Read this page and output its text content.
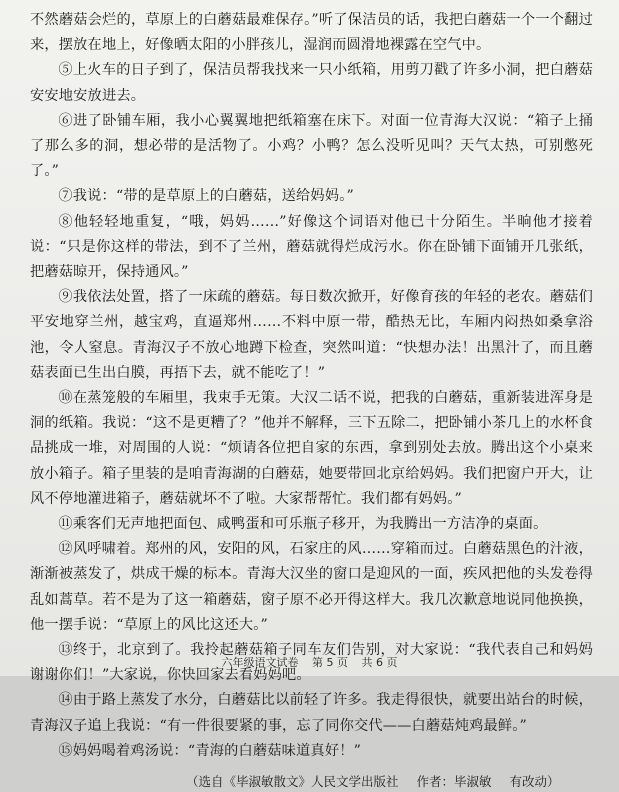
不然蘑菇会烂的，草原上的白蘑菇最难保存。”听了保洁员的话，我把白蘑菇一个一个翻过来，摆放在地上，好像晒太阳的小胖孩儿，湿润而圆滑地裸露在空气中。

⑤上火车的日子到了，保洁员帮我找来一只小纸箱，用剪刀戳了许多小洞，把白蘑菇安安地安放进去。

⑥进了卧铺车厢，我小心翼翼地把纸箱塞在床下。对面一位青海大汉说：“箱子上捅了那么多的洞，想必带的是活物了。小鸡？小鸭？怎么没听见叫？天气太热，可别憋死了。”

⑦我说：“带的是草原上的白蘑菇，送给妈妈。”

⑧他轻轻地重复，“哦，妈妈……”好像这个词语对他已十分陌生。半晌他才接着说：“只是你这样的带法，到不了兰州，蘑菇就得烂成污水。你在卧铺下面铺开几张纸，把蘑菇晾开，保持通风。”

⑨我依法处置，搭了一床疏的蘑菇。每日数次掀开，好像育孩的年轻的老农。蘑菇们平安地穿兰州，越宝鸡，直逼郑州……不料中原一带，酷热无比，车厢内闷热如桑拿浴池，令人窒息。青海汉子不放心地蹲下检查，突然叫道：“快想办法！出黑汁了，而且蘑菇表面已生出白膜，再捂下去，就不能吃了！”

⑩在蒸笼般的车厢里，我束手无策。大汉二话不说，把我的白蘑菇，重新装进浑身是洞的纸箱。我说：“这不是更糟了？”他并不解释，三下五除二，把卧铺小茶几上的水杯食品挑成一堆，对周围的人说：“烦请各位把自家的东西，拿到别处去放。腾出这个小桌来放小箱子。箱子里装的是咱青海湖的白蘑菇，她要带回北京给妈妈。我们把窗户开大，让风不停地灌进箱子，蘑菇就坏不了啦。大家帮帮忙。我们都有妈妈。”

⑪乘客们无声地把面包、咸鸭蛋和可乐瓶子移开，为我腾出一方洁净的桌面。

⑫风呼啸着。郑州的风，安阳的风，石家庄的风……穿箱而过。白蘑菇黑色的汁液，渐渐被蒸发了，烘成干燥的标本。青海大汉坐的窗口是迎风的一面，疾风把他的头发卷得乱如蒿草。若不是为了这一箱蘑菇，窗子原不必开得这样大。我几次歉意地说同他换换，他一摆手说：“草原上的风比这还大。”

⑬终于，北京到了。我拎起蘑菇箱子同车友们告别，对大家说：“我代表自己和妈妈谢谢你们！”大家说，你快回家去看妈妈吧。

⑭由于路上蒸发了水分，白蘑菇比以前轻了许多。我走得很快，就要出站台的时候，青海汉子追上我说：“有一件很要紧的事，忘了同你交代——白蘑菇炖鸡最鲜。”

⑮妈妈喝着鸡汤说：“青海的白蘑菇味道真好！”

（选自《毕淑敏散文》人民文学出版社 作者：毕淑敏 有改动）
六年级语文试卷 第 5 页 共 6 页
